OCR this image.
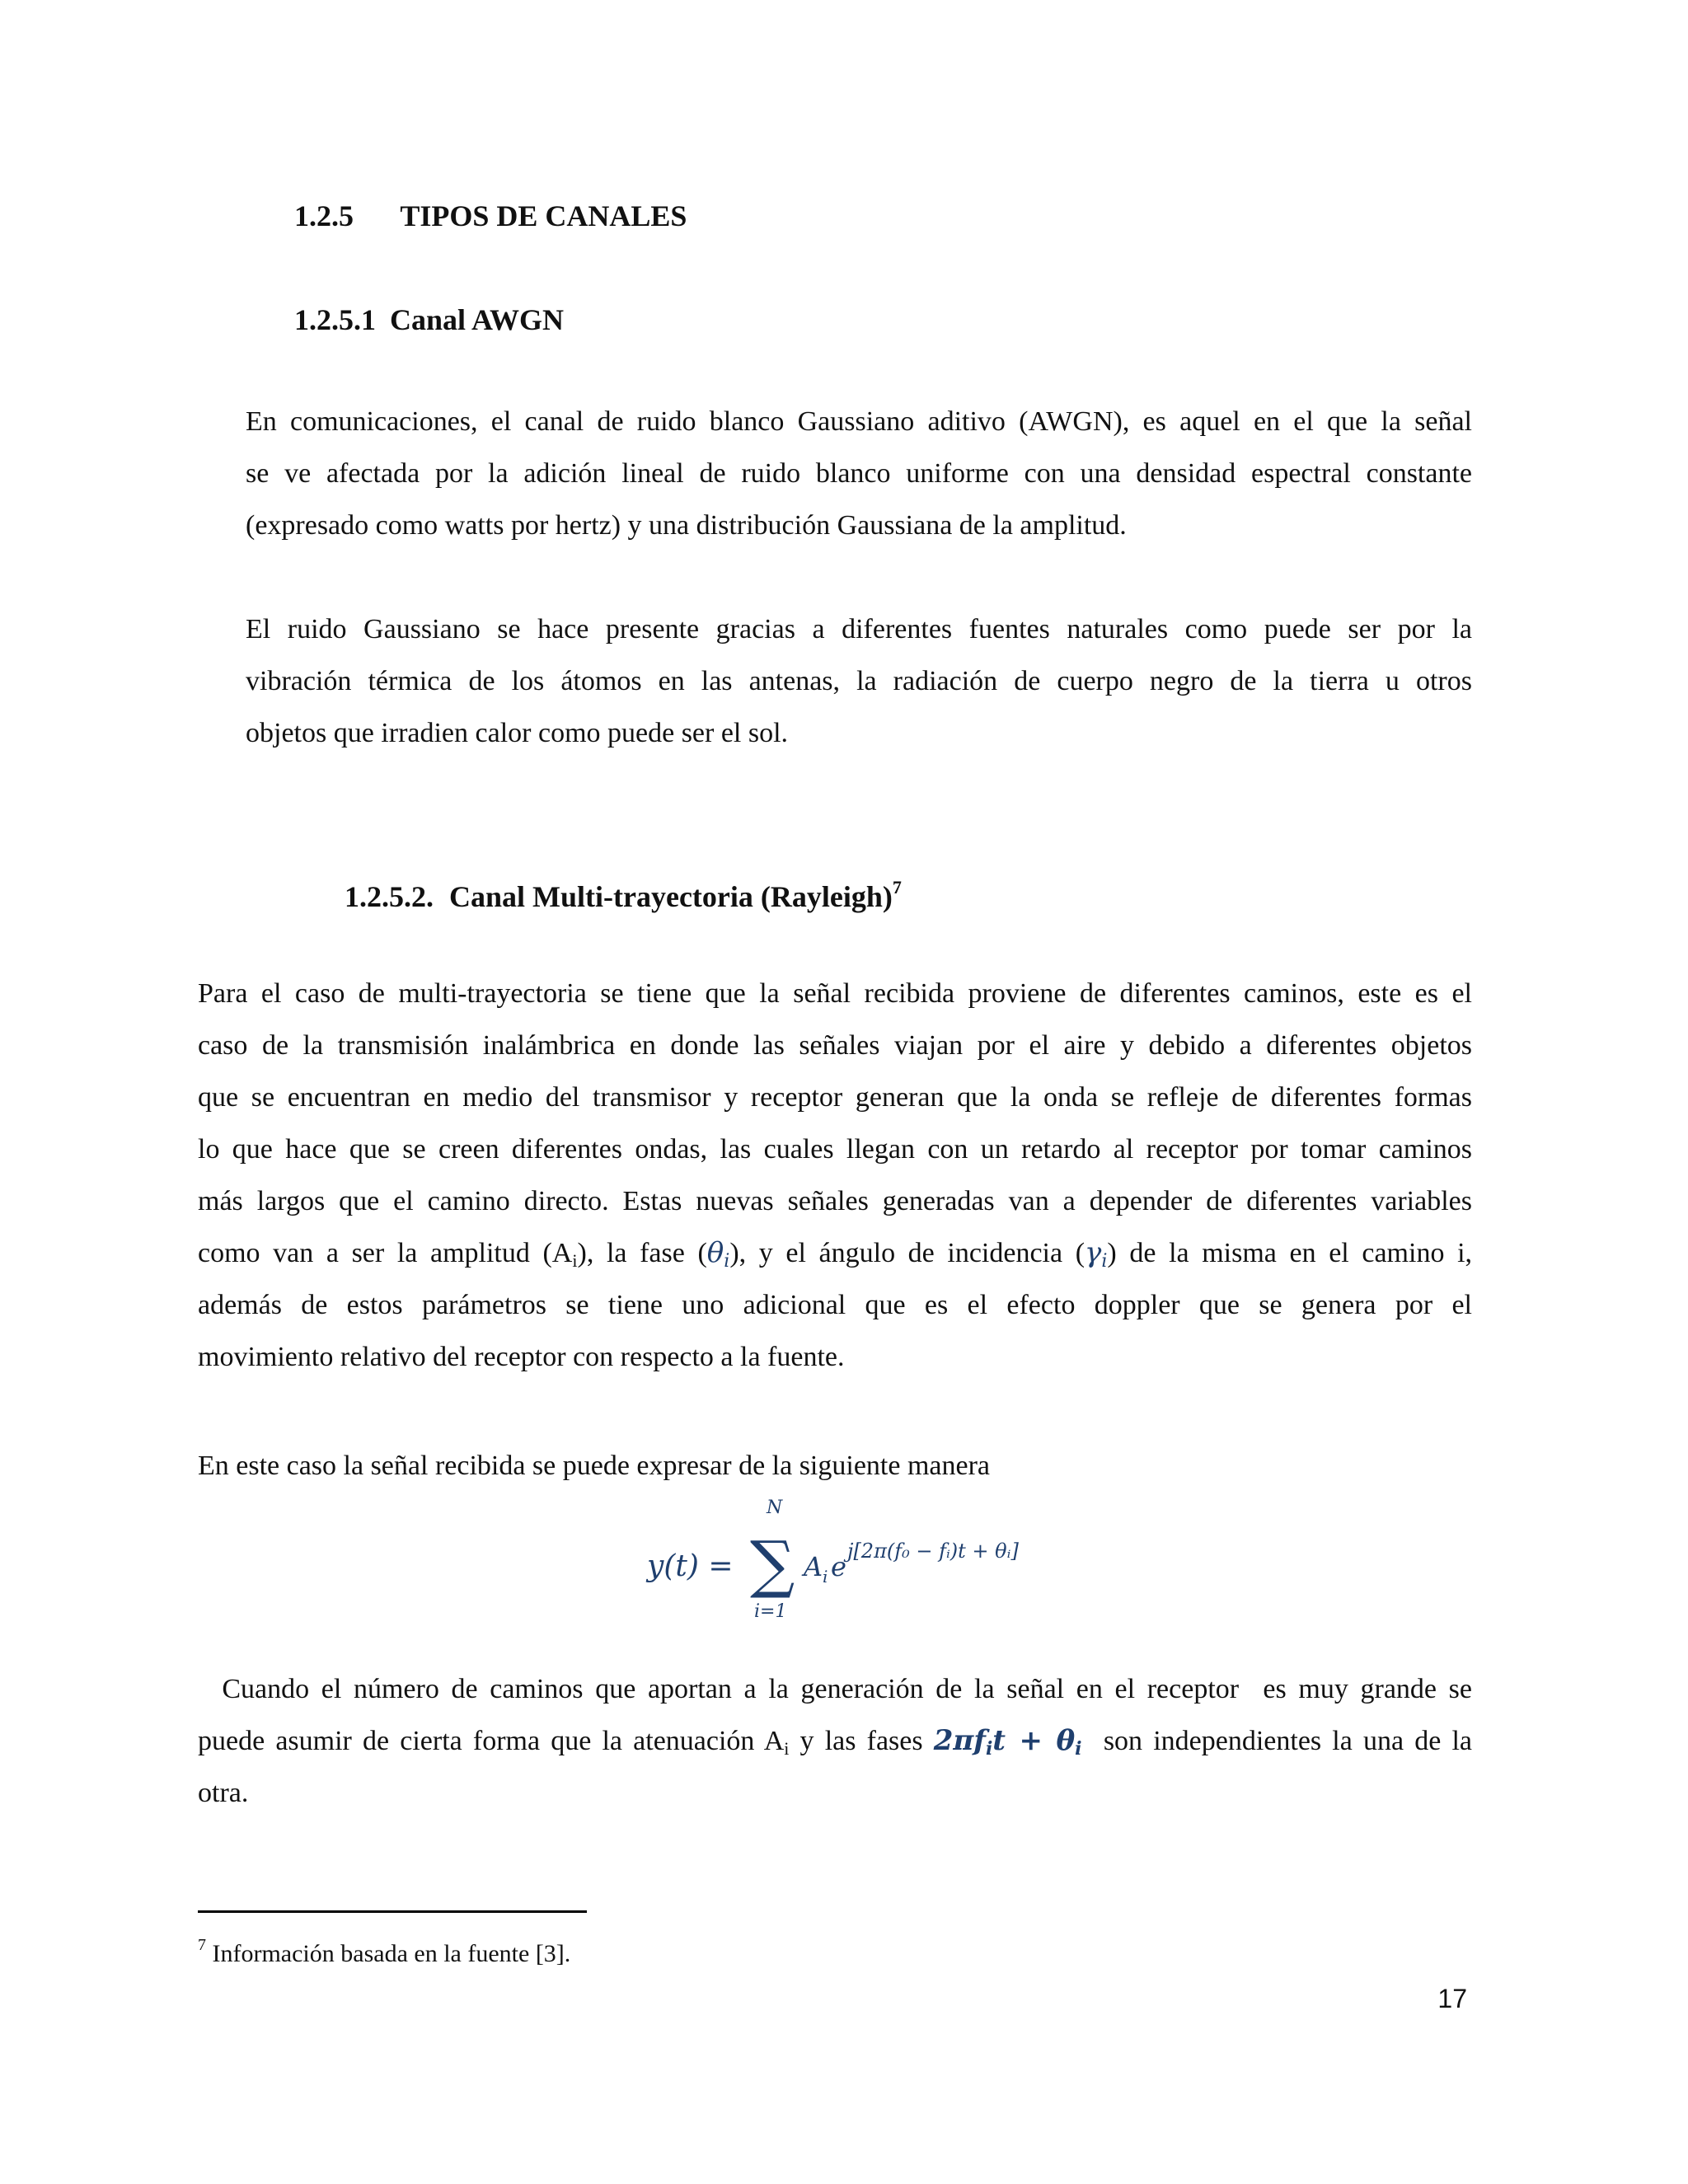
1.2.5 TIPOS DE CANALES
1.2.5.1 Canal AWGN
En comunicaciones, el canal de ruido blanco Gaussiano aditivo (AWGN), es aquel en el que la señal
se ve afectada por la adición lineal de ruido blanco uniforme con una densidad espectral constante
(expresado como watts por hertz) y una distribución Gaussiana de la amplitud.
El ruido Gaussiano se hace presente gracias a diferentes fuentes naturales como puede ser por la
vibración térmica de los átomos en las antenas, la radiación de cuerpo negro de la tierra u otros
objetos que irradien calor como puede ser el sol.
1.2.5.2. Canal Multi-trayectoria (Rayleigh)$^7$
Para el caso de multi-trayectoria se tiene que la señal recibida proviene de diferentes caminos, este es el
caso de la transmisión inalámbrica en donde las señales viajan por el aire y debido a diferentes objetos
que se encuentran en medio del transmisor y receptor generan que la onda se refleje de diferentes formas
lo que hace que se creen diferentes ondas, las cuales llegan con un retardo al receptor por tomar caminos
más largos que el camino directo. Estas nuevas señales generadas van a depender de diferentes variables
como van a ser la amplitud $(A_i)$, la fase $(\theta_i)$, y el ángulo de incidencia $(\gamma_i)$ de la misma en el camino i,
además de estos parámetros se tiene uno adicional que es el efecto doppler que se genera por el
movimiento relativo del receptor con respecto a la fuente.
En este caso la señal recibida se puede expresar de la siguiente manera
y(t) =
N
∑
i=1
A i e j[2π(f₀ − fᵢ)t + θᵢ]
Cuando el número de caminos que aportan a la generación de la señal en el receptor  es muy grande se
puede asumir de cierta forma que la atenuación $A_i$ y las fases $2\pi f_it + \theta_i$  son independientes la una de la
otra.
$^7$ Información basada en la fuente [3].
17
